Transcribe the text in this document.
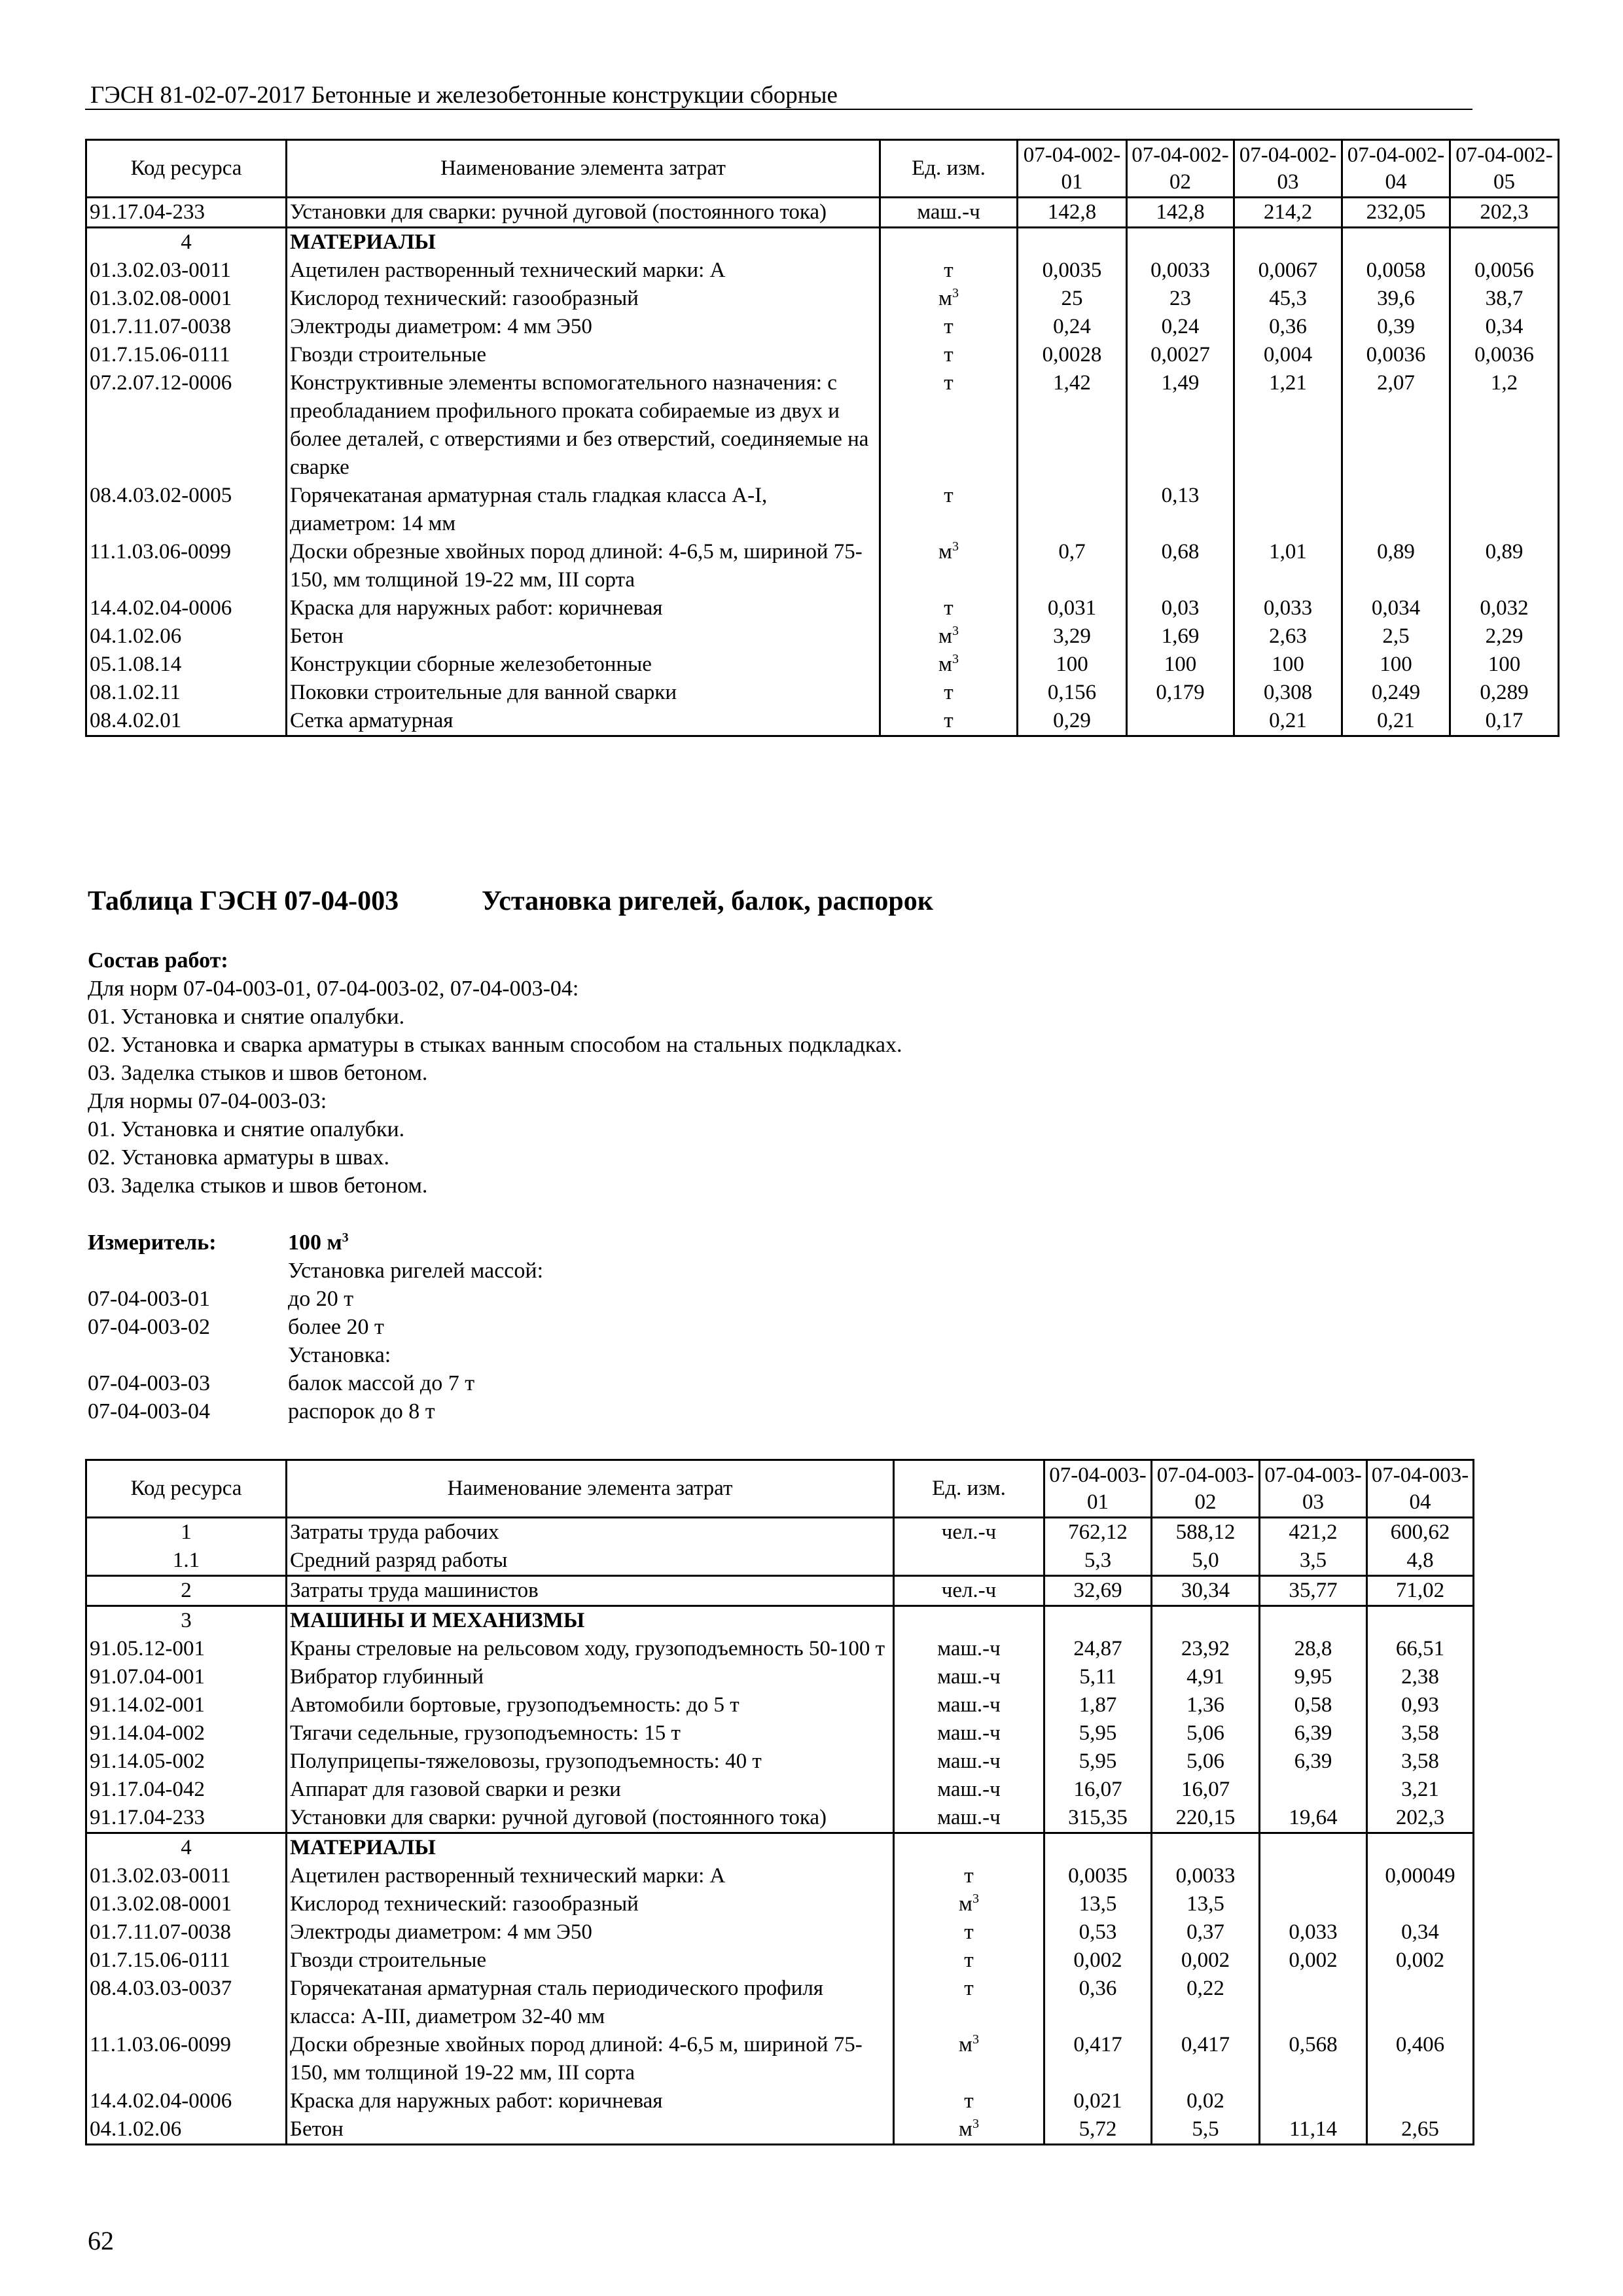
ГЭСН 81-02-07-2017 Бетонные и железобетонные конструкции сборные
Код ресурса	Наименование элемента затрат	Ед. изм.	07-04-002-01	07-04-002-02	07-04-002-03	07-04-002-04	07-04-002-05
91.17.04-233	Установки для сварки: ручной дуговой (постоянного тока)	маш.-ч	142,8	142,8	214,2	232,05	202,3
4	МАТЕРИАЛЫ						
01.3.02.03-0011	Ацетилен растворенный технический марки: А	т	0,0035	0,0033	0,0067	0,0058	0,0056
01.3.02.08-0001	Кислород технический: газообразный	$м^3$	25	23	45,3	39,6	38,7
01.7.11.07-0038	Электроды диаметром: 4 мм Э50	т	0,24	0,24	0,36	0,39	0,34
01.7.15.06-0111	Гвозди строительные	т	0,0028	0,0027	0,004	0,0036	0,0036
07.2.07.12-0006	Конструктивные элементы вспомогательного назначения: с преобладанием профильного проката собираемые из двух и более деталей, с отверстиями и без отверстий, соединяемые на сварке	т	1,42	1,49	1,21	2,07	1,2
08.4.03.02-0005	Горячекатаная арматурная сталь гладкая класса А-I, диаметром: 14 мм	т		0,13			
11.1.03.06-0099	Доски обрезные хвойных пород длиной: 4-6,5 м, шириной 75-150, мм толщиной 19-22 мм, III сорта	$м^3$	0,7	0,68	1,01	0,89	0,89
14.4.02.04-0006	Краска для наружных работ: коричневая	т	0,031	0,03	0,033	0,034	0,032
04.1.02.06	Бетон	$м^3$	3,29	1,69	2,63	2,5	2,29
05.1.08.14	Конструкции сборные железобетонные	$м^3$	100	100	100	100	100
08.1.02.11	Поковки строительные для ванной сварки	т	0,156	0,179	0,308	0,249	0,289
08.4.02.01	Сетка арматурная	т	0,29		0,21	0,21	0,17
Таблица ГЭСН 07-04-003	Установка ригелей, балок, распорок
Состав работ:
Для норм 07-04-003-01, 07-04-003-02, 07-04-003-04:
01. Установка и снятие опалубки.
02. Установка и сварка арматуры в стыках ванным способом на стальных подкладках.
03. Заделка стыков и швов бетоном.
Для нормы 07-04-003-03:
01. Установка и снятие опалубки.
02. Установка арматуры в швах.
03. Заделка стыков и швов бетоном.
Измеритель:	100 $м^3$
Установка ригелей массой:
07-04-003-01	до 20 т
07-04-003-02	более 20 т
Установка:
07-04-003-03	балок массой до 7 т
07-04-003-04	распорок до 8 т
Код ресурса	Наименование элемента затрат	Ед. изм.	07-04-003-01	07-04-003-02	07-04-003-03	07-04-003-04
1	Затраты труда рабочих	чел.-ч	762,12	588,12	421,2	600,62
1.1	Средний разряд работы		5,3	5,0	3,5	4,8
2	Затраты труда машинистов	чел.-ч	32,69	30,34	35,77	71,02
3	МАШИНЫ И МЕХАНИЗМЫ					
91.05.12-001	Краны стреловые на рельсовом ходу, грузоподъемность 50-100 т	маш.-ч	24,87	23,92	28,8	66,51
91.07.04-001	Вибратор глубинный	маш.-ч	5,11	4,91	9,95	2,38
91.14.02-001	Автомобили бортовые, грузоподъемность: до 5 т	маш.-ч	1,87	1,36	0,58	0,93
91.14.04-002	Тягачи седельные, грузоподъемность: 15 т	маш.-ч	5,95	5,06	6,39	3,58
91.14.05-002	Полуприцепы-тяжеловозы, грузоподъемность: 40 т	маш.-ч	5,95	5,06	6,39	3,58
91.17.04-042	Аппарат для газовой сварки и резки	маш.-ч	16,07	16,07		3,21
91.17.04-233	Установки для сварки: ручной дуговой (постоянного тока)	маш.-ч	315,35	220,15	19,64	202,3
4	МАТЕРИАЛЫ					
01.3.02.03-0011	Ацетилен растворенный технический марки: А	т	0,0035	0,0033		0,00049
01.3.02.08-0001	Кислород технический: газообразный	$м^3$	13,5	13,5		
01.7.11.07-0038	Электроды диаметром: 4 мм Э50	т	0,53	0,37	0,033	0,34
01.7.15.06-0111	Гвозди строительные	т	0,002	0,002	0,002	0,002
08.4.03.03-0037	Горячекатаная арматурная сталь периодического профиля класса: А-III, диаметром 32-40 мм	т	0,36	0,22		
11.1.03.06-0099	Доски обрезные хвойных пород длиной: 4-6,5 м, шириной 75-150, мм толщиной 19-22 мм, III сорта	$м^3$	0,417	0,417	0,568	0,406
14.4.02.04-0006	Краска для наружных работ: коричневая	т	0,021	0,02		
04.1.02.06	Бетон	$м^3$	5,72	5,5	11,14	2,65
62
